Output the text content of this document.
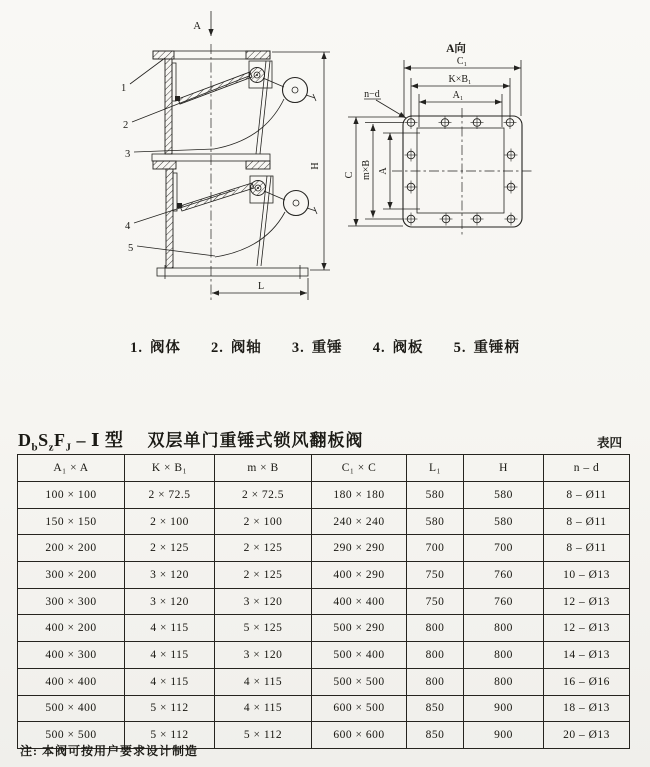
A
H
L
1
2
3
4
5
A向
C₁
K×B₁
A₁
n−d
C m×B A
1. 阀体 2. 阀轴 3. 重锤 4. 阀板 5. 重锤柄
$D_bS_zF_J$ – Ⅰ 型 双层单门重锤式锁风翻板阀	表四
A₁ × A	K × B₁	m × B	C₁ × C	L₁	H	n – d
100 × 100	2 × 72.5	2 × 72.5	180 × 180	580	580	8 – Ø11
150 × 150	2 × 100	2 × 100	240 × 240	580	580	8 – Ø11
200 × 200	2 × 125	2 × 125	290 × 290	700	700	8 – Ø11
300 × 200	3 × 120	2 × 125	400 × 290	750	760	10 – Ø13
300 × 300	3 × 120	3 × 120	400 × 400	750	760	12 – Ø13
400 × 200	4 × 115	5 × 125	500 × 290	800	800	12 – Ø13
400 × 300	4 × 115	3 × 120	500 × 400	800	800	14 – Ø13
400 × 400	4 × 115	4 × 115	500 × 500	800	800	16 – Ø16
500 × 400	5 × 112	4 × 115	600 × 500	850	900	18 – Ø13
500 × 500	5 × 112	5 × 112	600 × 600	850	900	20 – Ø13
注: 本阀可按用户要求设计制造
